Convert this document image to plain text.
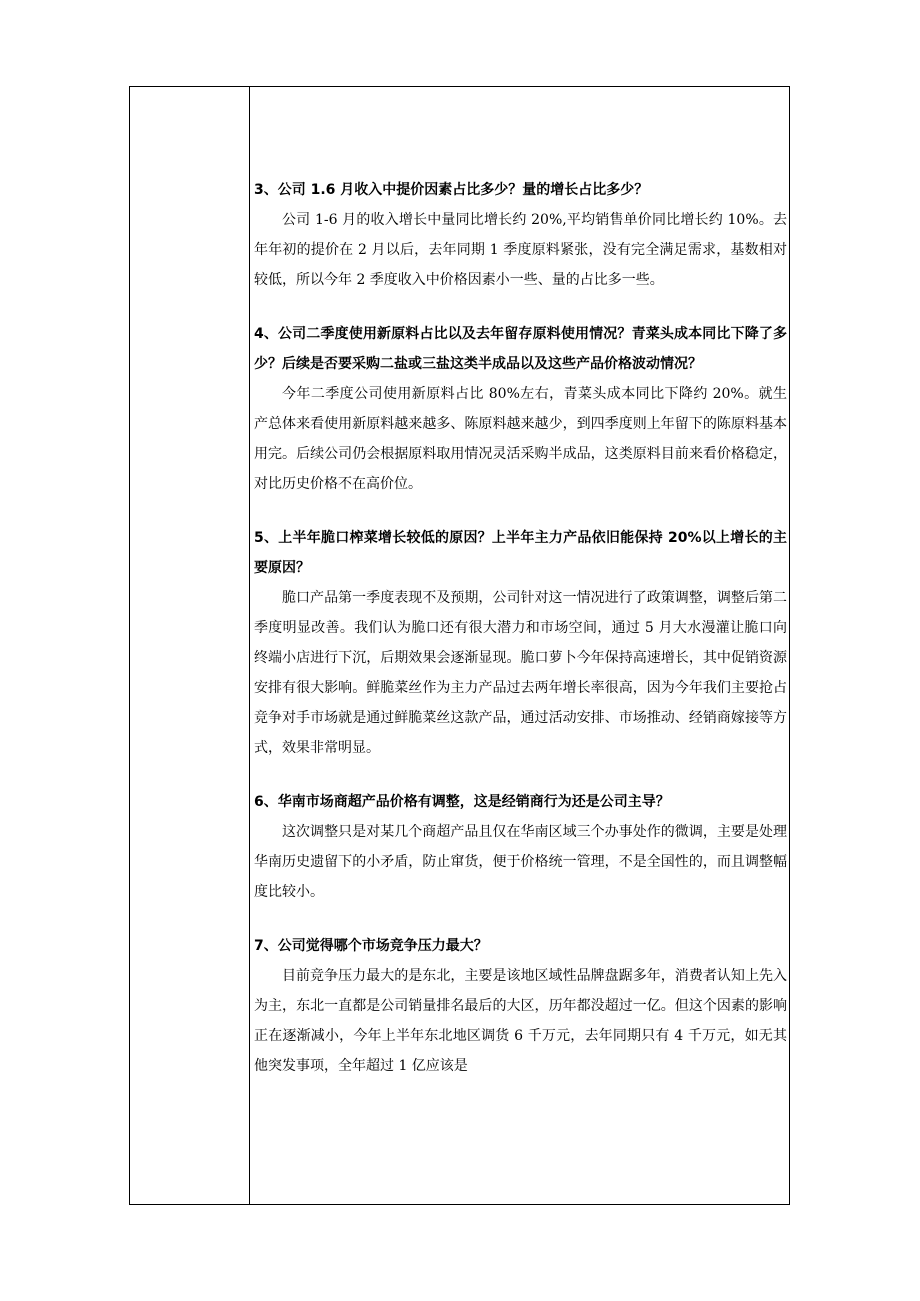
3、公司 1.6 月收入中提价因素占比多少？量的增长占比多少？

公司 1-6 月的收入增长中量同比增长约 20%,平均销售单价同比增长约 10%。去年年初的提价在 2 月以后，去年同期 1 季度原料紧张，没有完全满足需求，基数相对较低，所以今年 2 季度收入中价格因素小一些、量的占比多一些。

4、公司二季度使用新原料占比以及去年留存原料使用情况？青菜头成本同比下降了多少？后续是否要采购二盐或三盐这类半成品以及这些产品价格波动情况？

今年二季度公司使用新原料占比 80%左右，青菜头成本同比下降约 20%。就生产总体来看使用新原料越来越多、陈原料越来越少，到四季度则上年留下的陈原料基本用完。后续公司仍会根据原料取用情况灵活采购半成品，这类原料目前来看价格稳定，对比历史价格不在高价位。

5、上半年脆口榨菜增长较低的原因？上半年主力产品依旧能保持 20%以上增长的主要原因？

脆口产品第一季度表现不及预期，公司针对这一情况进行了政策调整，调整后第二季度明显改善。我们认为脆口还有很大潜力和市场空间，通过 5 月大水漫灌让脆口向终端小店进行下沉，后期效果会逐渐显现。脆口萝卜今年保持高速增长，其中促销资源安排有很大影响。鲜脆菜丝作为主力产品过去两年增长率很高，因为今年我们主要抢占竞争对手市场就是通过鲜脆菜丝这款产品，通过活动安排、市场推动、经销商嫁接等方式，效果非常明显。

6、华南市场商超产品价格有调整，这是经销商行为还是公司主导？

这次调整只是对某几个商超产品且仅在华南区域三个办事处作的微调，主要是处理华南历史遗留下的小矛盾，防止窜货，便于价格统一管理，不是全国性的，而且调整幅度比较小。

7、公司觉得哪个市场竞争压力最大？

目前竞争压力最大的是东北，主要是该地区域性品牌盘踞多年，消费者认知上先入为主，东北一直都是公司销量排名最后的大区，历年都没超过一亿。但这个因素的影响正在逐渐减小，今年上半年东北地区调货 6 千万元，去年同期只有 4 千万元，如无其他突发事项，全年超过 1 亿应该是
